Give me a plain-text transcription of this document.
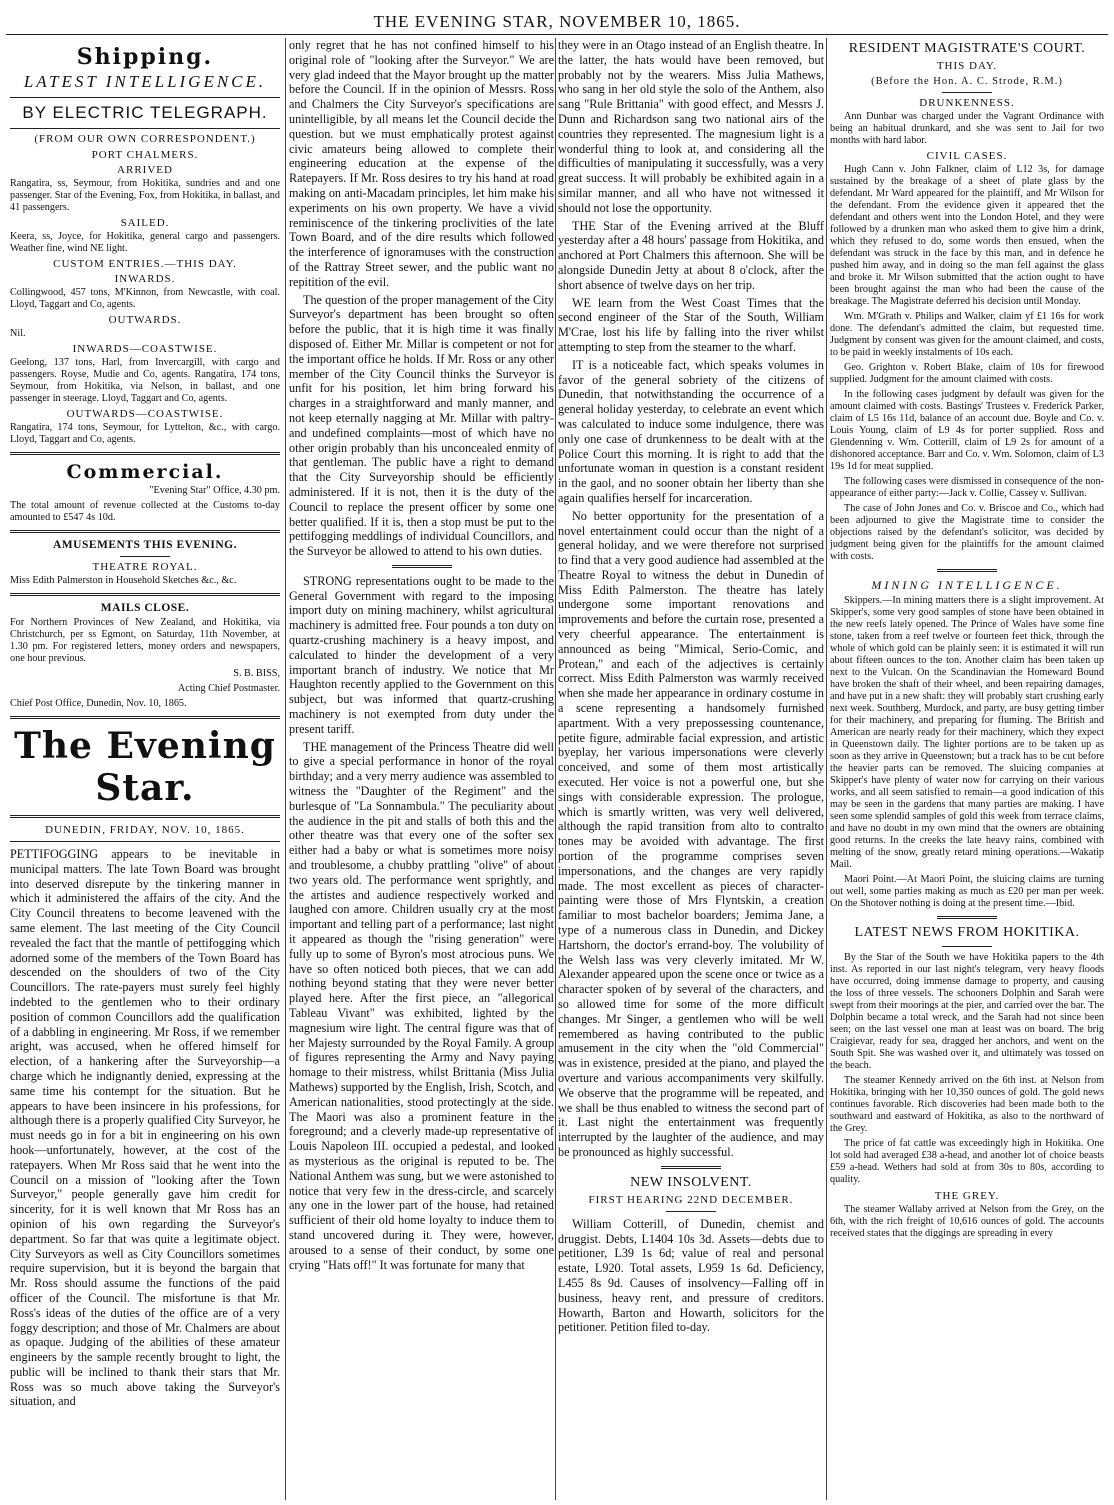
THE EVENING STAR, NOVEMBER 10, 1865.
Shipping.
LATEST INTELLIGENCE.
BY ELECTRIC TELEGRAPH.
(FROM OUR OWN CORRESPONDENT.)
PORT CHALMERS.
ARRIVED

Rangatira, ss, Seymour, from Hokitika, sundries and and one passenger. Star of the Evening, Fox, from Hokitika, in ballast, and 41 passengers.

SAILED.

Keera, ss, Joyce, for Hokitika, general cargo and passengers. Weather fine, wind NE light.

CUSTOM ENTRIES.—THIS DAY.
INWARDS.

Collingwood, 457 tons, M'Kinnon, from Newcastle, with coal. Lloyd, Taggart and Co, agents.

OUTWARDS.

Nil.

INWARDS—COASTWISE.

Geelong, 137 tons, Harl, from Invercargill, with cargo and passengers. Royse, Mudie and Co, agents. Rangatira, 174 tons, Seymour, from Hokitika, via Nelson, in ballast, and one passenger in steerage. Lloyd, Taggart and Co, agents.

OUTWARDS—COASTWISE.

Rangatira, 174 tons, Seymour, for Lyttelton, &c., with cargo. Lloyd, Taggart and Co, agents.

Commercial.

"Evening Star" Office, 4.30 pm.

The total amount of revenue collected at the Customs to-day amounted to £547 4s 10d.

AMUSEMENTS THIS EVENING.
THEATRE ROYAL.

Miss Edith Palmerston in Household Sketches &c., &c.

MAILS CLOSE.

For Northern Provinces of New Zealand, and Hokitika, via Christchurch, per ss Egmont, on Saturday, 11th November, at 1.30 pm. For registered letters, money orders and newspapers, one hour previous.

S. B. BISS,

Acting Chief Postmaster.

Chief Post Office, Dunedin, Nov. 10, 1865.

The Evening Star.
DUNEDIN, FRIDAY, NOV. 10, 1865.

PETTIFOGGING appears to be inevitable in municipal matters. The late Town Board was brought into deserved disrepute by the tinkering manner in which it administered the affairs of the city. And the City Council threatens to become leavened with the same element. The last meeting of the City Council revealed the fact that the mantle of pettifogging which adorned some of the members of the Town Board has descended on the shoulders of two of the City Councillors. The rate-payers must surely feel highly indebted to the gentlemen who to their ordinary position of common Councillors add the qualification of a dabbling in engineering. Mr Ross, if we remember aright, was accused, when he offered himself for election, of a hankering after the Surveyorship—a charge which he indignantly denied, expressing at the same time his contempt for the situation. But he appears to have been insincere in his professions, for although there is a properly qualified City Surveyor, he must needs go in for a bit in engineering on his own hook—unfortunately, however, at the cost of the ratepayers. When Mr Ross said that he went into the Council on a mission of "looking after the Town Surveyor," people generally gave him credit for sincerity, for it is well known that Mr Ross has an opinion of his own regarding the Surveyor's department. So far that was quite a legitimate object. City Surveyors as well as City Councillors sometimes require supervision, but it is beyond the bargain that Mr. Ross should assume the functions of the paid officer of the Council. The misfortune is that Mr. Ross's ideas of the duties of the office are of a very foggy description; and those of Mr. Chalmers are about as opaque. Judging of the abilities of these amateur engineers by the sample recently brought to light, the public will be inclined to thank their stars that Mr. Ross was so much above taking the Surveyor's situation, and

only regret that he has not confined himself to his original role of "looking after the Surveyor." We are very glad indeed that the Mayor brought up the matter before the Council. If in the opinion of Messrs. Ross and Chalmers the City Surveyor's specifications are unintelligible, by all means let the Council decide the question. but we must emphatically protest against civic amateurs being allowed to complete their engineering education at the expense of the Ratepayers. If Mr. Ross desires to try his hand at road making on anti-Macadam principles, let him make his experiments on his own property. We have a vivid reminiscence of the tinkering proclivities of the late Town Board, and of the dire results which followed the interference of ignoramuses with the construction of the Rattray Street sewer, and the public want no repitition of the evil.

The question of the proper management of the City Surveyor's department has been brought so often before the public, that it is high time it was finally disposed of. Either Mr. Millar is competent or not for the important office he holds. If Mr. Ross or any other member of the City Council thinks the Surveyor is unfit for his position, let him bring forward his charges in a straightforward and manly manner, and not keep eternally nagging at Mr. Millar with paltry- and undefined complaints—most of which have no other origin probably than his unconcealed enmity of that gentleman. The public have a right to demand that the City Surveyorship should be efficiently administered. If it is not, then it is the duty of the Council to replace the present officer by some one better qualified. If it is, then a stop must be put to the pettifogging meddlings of individual Councillors, and the Surveyor be allowed to attend to his own duties.

STRONG representations ought to be made to the General Government with regard to the imposing import duty on mining machinery, whilst agricultural machinery is admitted free. Four pounds a ton duty on quartz-crushing machinery is a heavy impost, and calculated to hinder the development of a very important branch of industry. We notice that Mr Haughton recently applied to the Government on this subject, but was informed that quartz-crushing machinery is not exempted from duty under the present tariff.

THE management of the Princess Theatre did well to give a special performance in honor of the royal birthday; and a very merry audience was assembled to witness the "Daughter of the Regiment" and the burlesque of "La Sonnambula." The peculiarity about the audience in the pit and stalls of both this and the other theatre was that every one of the softer sex either had a baby or what is sometimes more noisy and troublesome, a chubby prattling "olive" of about two years old. The performance went sprightly, and the artistes and audience respectively worked and laughed con amore. Children usually cry at the most important and telling part of a performance; last night it appeared as though the "rising generation" were fully up to some of Byron's most atrocious puns. We have so often noticed both pieces, that we can add nothing beyond stating that they were never better played here. After the first piece, an "allegorical Tableau Vivant" was exhibited, lighted by the magnesium wire light. The central figure was that of her Majesty surrounded by the Royal Family. A group of figures representing the Army and Navy paying homage to their mistress, whilst Brittania (Miss Julia Mathews) supported by the English, Irish, Scotch, and American nationalities, stood protectingly at the side. The Maori was also a prominent feature in the foreground; and a cleverly made-up representative of Louis Napoleon III. occupied a pedestal, and looked as mysterious as the original is reputed to be. The National Anthem was sung, but we were astonished to notice that very few in the dress-circle, and scarcely any one in the lower part of the house, had retained sufficient of their old home loyalty to induce them to stand uncovered during it. They were, however, aroused to a sense of their conduct, by some one crying "Hats off!" It was fortunate for many that

they were in an Otago instead of an English theatre. In the latter, the hats would have been removed, but probably not by the wearers. Miss Julia Mathews, who sang in her old style the solo of the Anthem, also sang "Rule Brittania" with good effect, and Messrs J. Dunn and Richardson sang two national airs of the countries they represented. The magnesium light is a wonderful thing to look at, and considering all the difficulties of manipulating it successfully, was a very great success. It will probably be exhibited again in a similar manner, and all who have not witnessed it should not lose the opportunity.

THE Star of the Evening arrived at the Bluff yesterday after a 48 hours' passage from Hokitika, and anchored at Port Chalmers this afternoon. She will be alongside Dunedin Jetty at about 8 o'clock, after the short absence of twelve days on her trip.

WE learn from the West Coast Times that the second engineer of the Star of the South, William M'Crae, lost his life by falling into the river whilst attempting to step from the steamer to the wharf.

IT is a noticeable fact, which speaks volumes in favor of the general sobriety of the citizens of Dunedin, that notwithstanding the occurrence of a general holiday yesterday, to celebrate an event which was calculated to induce some indulgence, there was only one case of drunkenness to be dealt with at the Police Court this morning. It is right to add that the unfortunate woman in question is a constant resident in the gaol, and no sooner obtain her liberty than she again qualifies herself for incarceration.

No better opportunity for the presentation of a novel entertainment could occur than the night of a general holiday, and we were therefore not surprised to find that a very good audience had assembled at the Theatre Royal to witness the debut in Dunedin of Miss Edith Palmerston. The theatre has lately undergone some important renovations and improvements and before the curtain rose, presented a very cheerful appearance. The entertainment is announced as being "Mimical, Serio-Comic, and Protean," and each of the adjectives is certainly correct. Miss Edith Palmerston was warmly received when she made her appearance in ordinary costume in a scene representing a handsomely furnished apartment. With a very prepossessing countenance, petite figure, admirable facial expression, and artistic byeplay, her various impersonations were cleverly conceived, and some of them most artistically executed. Her voice is not a powerful one, but she sings with considerable expression. The prologue, which is smartly written, was very well delivered, although the rapid transition from alto to contralto tones may be avoided with advantage. The first portion of the programme comprises seven impersonations, and the changes are very rapidly made. The most excellent as pieces of character-painting were those of Mrs Flyntskin, a creation familiar to most bachelor boarders; Jemima Jane, a type of a numerous class in Dunedin, and Dickey Hartshorn, the doctor's errand-boy. The volubility of the Welsh lass was very cleverly imitated. Mr W. Alexander appeared upon the scene once or twice as a character spoken of by several of the characters, and so allowed time for some of the more difficult changes. Mr Singer, a gentlemen who will be well remembered as having contributed to the public amusement in the city when the "old Commercial" was in existence, presided at the piano, and played the overture and various accompaniments very skilfully. We observe that the programme will be repeated, and we shall be thus enabled to witness the second part of it. Last night the entertainment was frequently interrupted by the laughter of the audience, and may be pronounced as highly successful.

NEW INSOLVENT.
FIRST HEARING 22ND DECEMBER.

William Cotterill, of Dunedin, chemist and druggist. Debts, L1404 10s 3d. Assets—debts due to petitioner, L39 1s 6d; value of real and personal estate, L920. Total assets, L959 1s 6d. Deficiency, L455 8s 9d. Causes of insolvency—Falling off in business, heavy rent, and pressure of creditors. Howarth, Barton and Howarth, solicitors for the petitioner. Petition filed to-day.

RESIDENT MAGISTRATE'S COURT.
THIS DAY.
(Before the Hon. A. C. Strode, R.M.)
DRUNKENNESS.

Ann Dunbar was charged under the Vagrant Ordinance with being an habitual drunkard, and she was sent to Jail for two months with hard labor.

CIVIL CASES.

Hugh Cann v. John Falkner, claim of L12 3s, for damage sustained by the breakage of a sheet of plate glass by the defendant. Mr Ward appeared for the plaintiff, and Mr Wilson for the defendant. From the evidence given it appeared thet the defendant and others went into the London Hotel, and they were followed by a drunken man who asked them to give him a drink, which they refused to do, some words then ensued, when the defendant was struck in the face by this man, and in defence he pushed him away, and in doing so the man fell against the glass and broke it. Mr Wilson submitted that the action ought to have been brought against the man who had been the cause of the breakage. The Magistrate deferred his decision until Monday.

Wm. M'Grath v. Philips and Walker, claim yf £1 16s for work done. The defendant's admitted the claim, but requested time. Judgment by consent was given for the amount claimed, and costs, to be paid in weekly instalments of 10s each.

Geo. Grighton v. Robert Blake, claim of 10s for firewood supplied. Judgment for the amount claimed with costs.

In the following cases judgment by default was given for the amount claimed with costs. Bastings' Trustees v. Frederick Parker, claim of L5 16s 11d, balance of an account due. Boyle and Co. v. Louis Young, claim of L9 4s for porter supplied. Ross and Glendenning v. Wm. Cotterill, claim of L9 2s for amount of a dishonored acceptance. Barr and Co. v. Wm. Solomon, claim of L3 19s 1d for meat supplied.

The following cases were dismissed in consequence of the non-appearance of either party:—Jack v. Collie, Cassey v. Sullivan.

The case of John Jones and Co. v. Briscoe and Co., which had been adjourned to give the Magistrate time to consider the objections raised by the defendant's solicitor, was decided by judgment being given for the plaintiffs for the amount claimed with costs.

MINING INTELLIGENCE.

Skippers.—In mining matters there is a slight improvement. At Skipper's, some very good samples of stone have been obtained in the new reefs lately opened. The Prince of Wales have some fine stone, taken from a reef twelve or fourteen feet thick, through the whole of which gold can be plainly seen: it is estimated it will run about fifteen ounces to the ton. Another claim has been taken up next to the Vulcan. On the Scandinavian the Homeward Bound have broken the shaft of their wheel, and been repairing damages, and have put in a new shaft: they will probably start crushing early next week. Southberg, Murdock, and party, are busy getting timber for their machinery, and preparing for fluming. The British and American are nearly ready for their machinery, which they expect in Queenstown daily. The lighter portions are to be taken up as soon as they arrive in Queenstown; but a track has to be cut before the heavier parts can be removed. The sluicing companies at Skipper's have plenty of water now for carrying on their various works, and all seem satisfied to remain—a good indication of this may be seen in the gardens that many parties are making. I have seen some splendid samples of gold this week from terrace claims, and have no doubt in my own mind that the owners are obtaining good returns. In the creeks the late heavy rains, combined with melting of the snow, greatly retard mining operations.—Wakatip Mail.

Maori Point.—At Maori Point, the sluicing claims are turning out well, some parties making as much as £20 per man per week. On the Shotover nothing is doing at the present time.—Ibid.

LATEST NEWS FROM HOKITIKA.

By the Star of the South we have Hokitika papers to the 4th inst. As reported in our last night's telegram, very heavy floods have occurred, doing immense damage to property, and causing the loss of three vessels. The schooners Dolphin and Sarah were swept from their moorings at the pier, and carried over the bar. The Dolphin became a total wreck, and the Sarah had not since been seen; on the last vessel one man at least was on board. The brig Craigievar, ready for sea, dragged her anchors, and went on the South Spit. She was washed over it, and ultimately was tossed on the beach.

The steamer Kennedy arrived on the 6th inst. at Nelson from Hokitika, bringing with her 10,350 ounces of gold. The gold news continues favorable. Rich discoveries had been made both to the southward and eastward of Hokitika, as also to the northward of the Grey.

The price of fat cattle was exceedingly high in Hokitika. One lot sold had averaged £38 a-head, and another lot of choice beasts £59 a-head. Wethers had sold at from 30s to 80s, according to quality.

THE GREY.

The steamer Wallaby arrived at Nelson from the Grey, on the 6th, with the rich freight of 10,616 ounces of gold. The accounts received states that the diggings are spreading in every
